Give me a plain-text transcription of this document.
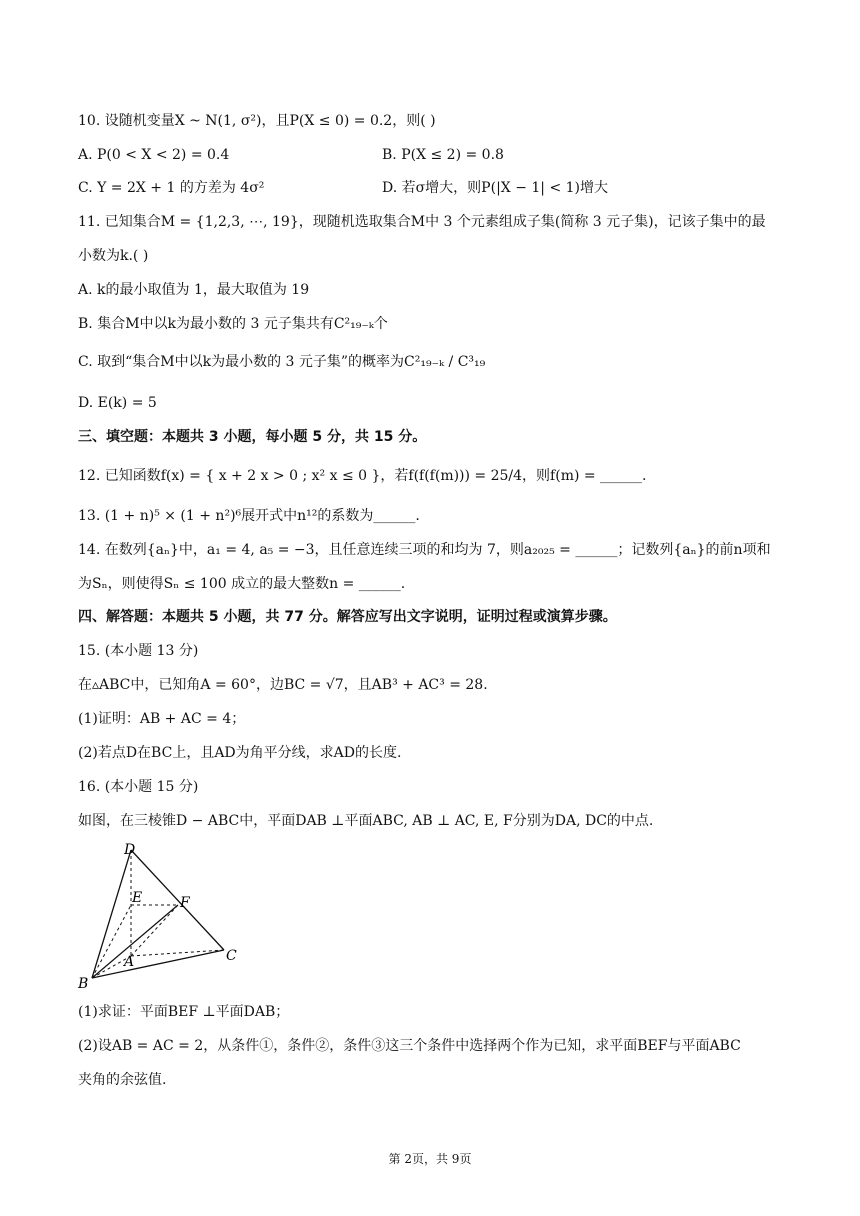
10. 设随机变量X ~ N(1, σ²)，且P(X ≤ 0) = 0.2，则( )
A. P(0 < X < 2) = 0.4	B. P(X ≤ 2) = 0.8
C. Y = 2X + 1 的方差为 4σ²	D. 若σ增大，则P(|X − 1| < 1)增大
11. 已知集合M = {1,2,3, ⋯, 19}，现随机选取集合M中 3 个元素组成子集(简称 3 元子集)，记该子集中的最
小数为k.( )
A. k的最小取值为 1，最大取值为 19
B. 集合M中以k为最小数的 3 元子集共有C²₁₉₋ₖ个
C. 取到“集合M中以k为最小数的 3 元子集”的概率为C²₁₉₋ₖ / C³₁₉
D. E(k) = 5
三、填空题：本题共 3 小题，每小题 5 分，共 15 分。
12. 已知函数f(x) = { x + 2 x > 0 ; x² x ≤ 0 }，若f(f(f(m))) = 25/4，则f(m) = ______.
13. (1 + n)⁵ × (1 + n²)⁶展开式中n¹²的系数为______.
14. 在数列{aₙ}中，a₁ = 4, a₅ = −3，且任意连续三项的和均为 7，则a₂₀₂₅ = ______；记数列{aₙ}的前n项和
为Sₙ，则使得Sₙ ≤ 100 成立的最大整数n = ______.
四、解答题：本题共 5 小题，共 77 分。解答应写出文字说明，证明过程或演算步骤。
15. (本小题 13 分)
在▵ABC中，已知角A = 60°，边BC = √7，且AB³ + AC³ = 28.
(1)证明：AB + AC = 4；
(2)若点D在BC上，且AD为角平分线，求AD的长度.
16. (本小题 15 分)
如图，在三棱锥D − ABC中，平面DAB ⊥平面ABC, AB ⊥ AC, E, F分别为DA, DC的中点.
D
E	F
A
B
C
(1)求证：平面BEF ⊥平面DAB；
(2)设AB = AC = 2，从条件①，条件②，条件③这三个条件中选择两个作为已知，求平面BEF与平面ABC
夹角的余弦值.
第 2页，共 9页
